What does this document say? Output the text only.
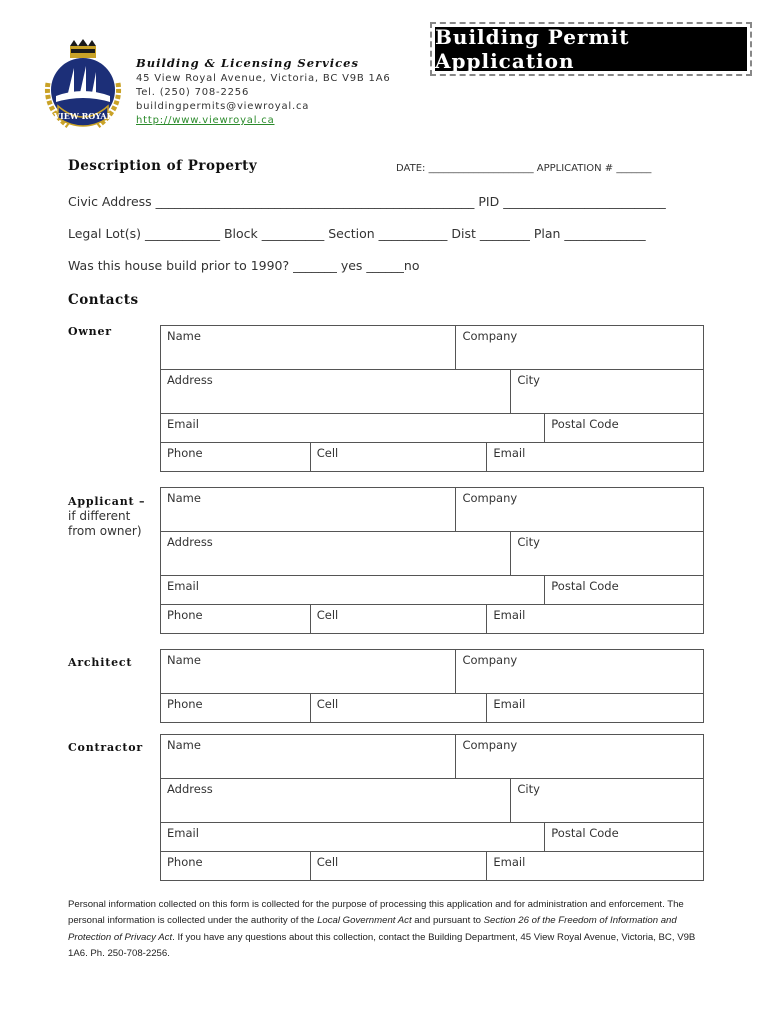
VIEW ROYAL
Building & Licensing Services
45 View Royal Avenue, Victoria, BC V9B 1A6
Tel. (250) 708-2256
buildingpermits@viewroyal.ca
http://www.viewroyal.ca
Building Permit Application
Description of Property	DATE: _____________________ APPLICATION # _______
Civic Address ___________________________________________________ PID __________________________
Legal Lot(s) ____________ Block __________ Section ___________ Dist ________ Plan _____________
Was this house build prior to 1990? _______ yes ______no
Contacts
Owner	Name	Company
Address	City
Email	Postal Code
Phone	Cell	Email
Applicant –
if different
from owner)
Name	Company
Address	City
Email	Postal Code
Phone	Cell	Email
Architect	Name	Company
Phone	Cell	Email
Contractor	Name	Company
Address	City
Email	Postal Code
Phone	Cell	Email
Personal information collected on this form is collected for the purpose of processing this application and for administration and enforcement. The personal information is collected under the authority of the Local Government Act and pursuant to Section 26 of the Freedom of Information and Protection of Privacy Act. If you have any questions about this collection, contact the Building Department, 45 View Royal Avenue, Victoria, BC, V9B 1A6. Ph. 250-708-2256.
